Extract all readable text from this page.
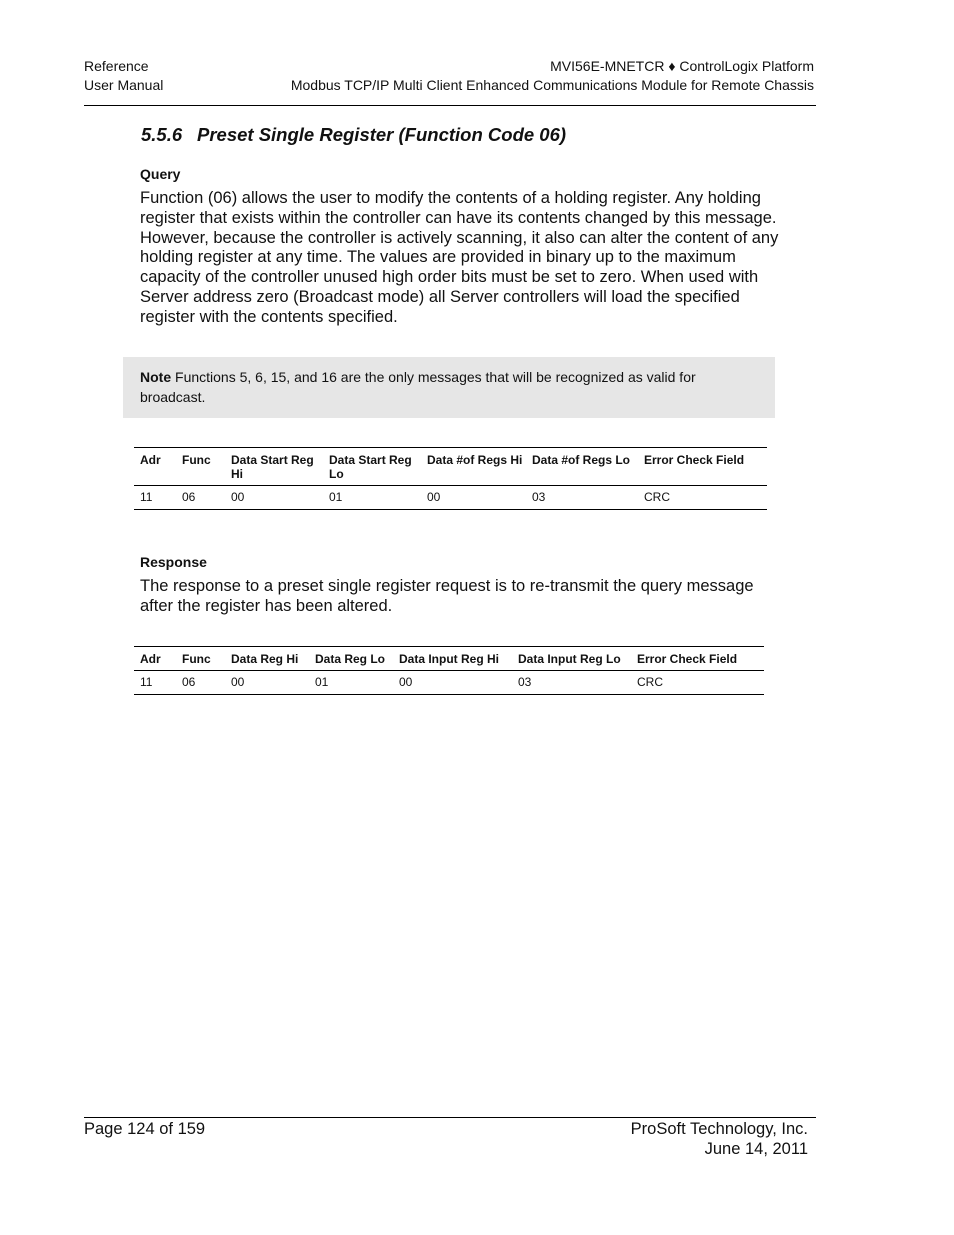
Reference
User Manual
MVI56E-MNETCR ♦ ControlLogix Platform
Modbus TCP/IP Multi Client Enhanced Communications Module for Remote Chassis
5.5.6 Preset Single Register (Function Code 06)
Query
Function (06) allows the user to modify the contents of a holding register. Any holding register that exists within the controller can have its contents changed by this message. However, because the controller is actively scanning, it also can alter the content of any holding register at any time. The values are provided in binary up to the maximum capacity of the controller unused high order bits must be set to zero. When used with Server address zero (Broadcast mode) all Server controllers will load the specified register with the contents specified.
Note Functions 5, 6, 15, and 16 are the only messages that will be recognized as valid for broadcast.
Adr	Func	Data Start Reg Hi	Data Start Reg Lo	Data #of Regs Hi	Data #of Regs Lo	Error Check Field
11	06	00	01	00	03	CRC
Response
The response to a preset single register request is to re-transmit the query message after the register has been altered.
Adr	Func	Data Reg Hi	Data Reg Lo	Data Input Reg Hi	Data Input Reg Lo	Error Check Field
11	06	00	01	00	03	CRC
Page 124 of 159	ProSoft Technology, Inc.
June 14, 2011
